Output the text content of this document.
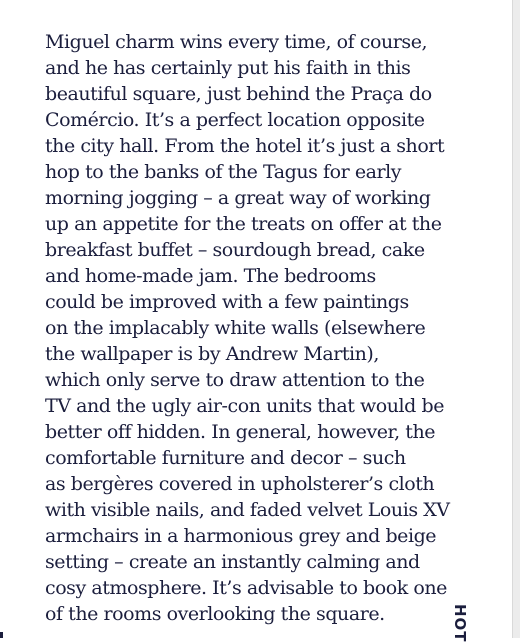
Miguel charm wins every time, of course,
and he has certainly put his faith in this
beautiful square, just behind the Praça do
Comércio. It’s a perfect location opposite
the city hall. From the hotel it’s just a short
hop to the banks of the Tagus for early
morning jogging – a great way of working
up an appetite for the treats on offer at the
breakfast buffet – sourdough bread, cake
and home-made jam. The bedrooms
could be improved with a few paintings
on the implacably white walls (elsewhere
the wallpaper is by Andrew Martin),
which only serve to draw attention to the
TV and the ugly air-con units that would be
better off hidden. In general, however, the
comfortable furniture and decor – such
as bergères covered in upholsterer’s cloth
with visible nails, and faded velvet Louis XV
armchairs in a harmonious grey and beige
setting – create an instantly calming and
cosy atmosphere. It’s advisable to book one
of the rooms overlooking the square.	HOT
